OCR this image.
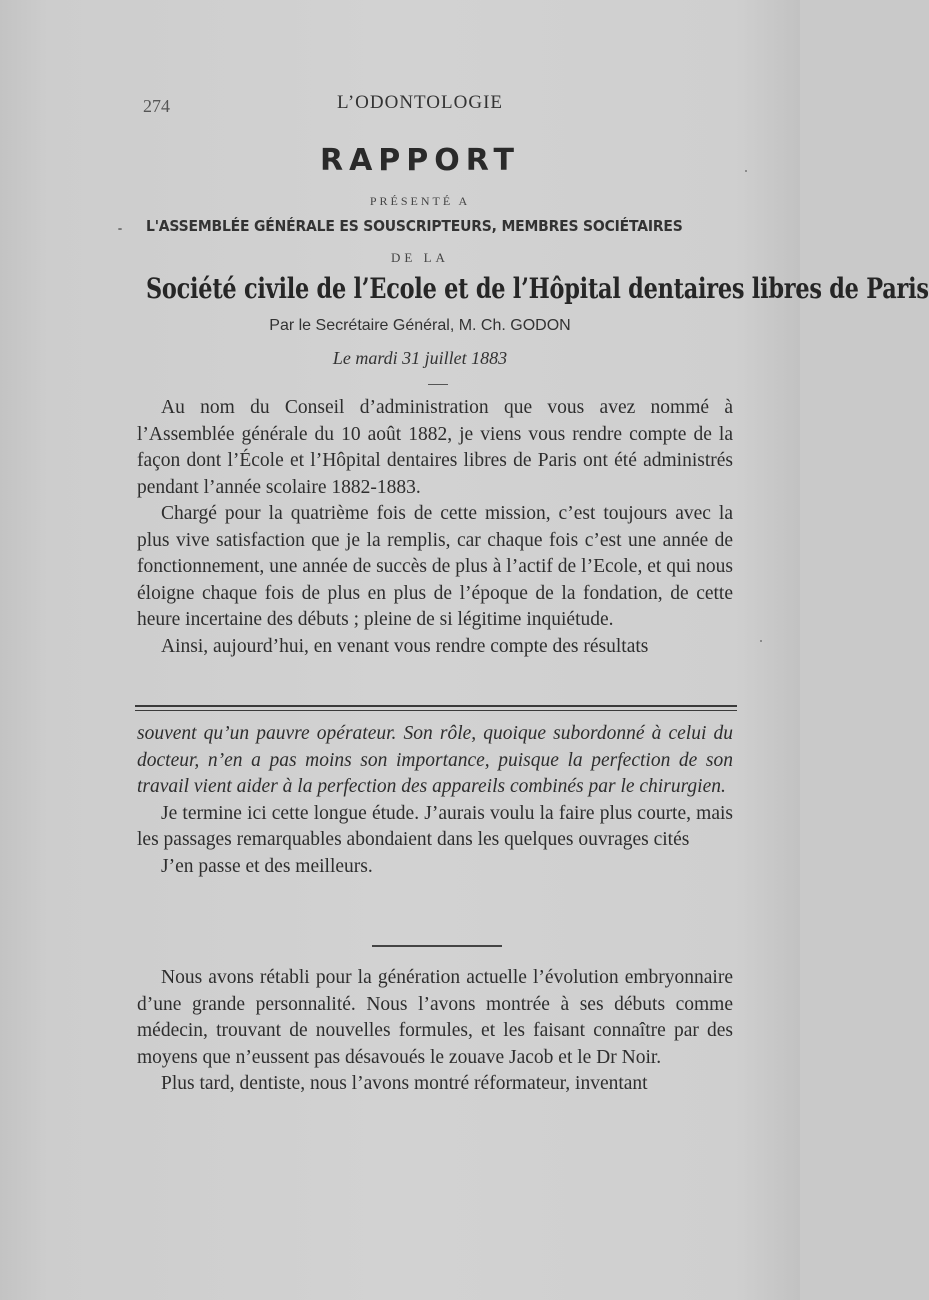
274	L’ODONTOLOGIE
RAPPORT
PRÉSENTÉ A
L'ASSEMBLÉE GÉNÉRALE ES SOUSCRIPTEURS, MEMBRES SOCIÉTAIRES
DE LA
Société civile de l’Ecole et de l’Hôpital dentaires libres de Paris
Par le Secrétaire Général, M. Ch. GODON
Le mardi 31 juillet 1883

Au nom du Conseil d’administration que vous avez nommé à l’Assemblée générale du 10 août 1882, je viens vous rendre compte de la façon dont l’École et l’Hôpital dentaires libres de Paris ont été administrés pendant l’année scolaire 1882-1883.

Chargé pour la quatrième fois de cette mission, c’est toujours avec la plus vive satisfaction que je la remplis, car chaque fois c’est une année de fonctionnement, une année de succès de plus à l’actif de l’Ecole, et qui nous éloigne chaque fois de plus en plus de l’époque de la fondation, de cette heure incertaine des débuts ; pleine de si légitime inquiétude.

Ainsi, aujourd’hui, en venant vous rendre compte des résultats

souvent qu’un pauvre opérateur. Son rôle, quoique subordonné à celui du docteur, n’en a pas moins son importance, puisque la perfection de son travail vient aider à la perfection des appareils combinés par le chirurgien.

Je termine ici cette longue étude. J’aurais voulu la faire plus courte, mais les passages remarquables abondaient dans les quelques ouvrages cités

J’en passe et des meilleurs.

Nous avons rétabli pour la génération actuelle l’évolution embryonnaire d’une grande personnalité. Nous l’avons montrée à ses débuts comme médecin, trouvant de nouvelles formules, et les faisant connaître par des moyens que n’eussent pas désavoués le zouave Jacob et le Dr Noir.

Plus tard, dentiste, nous l’avons montré réformateur, inventant
